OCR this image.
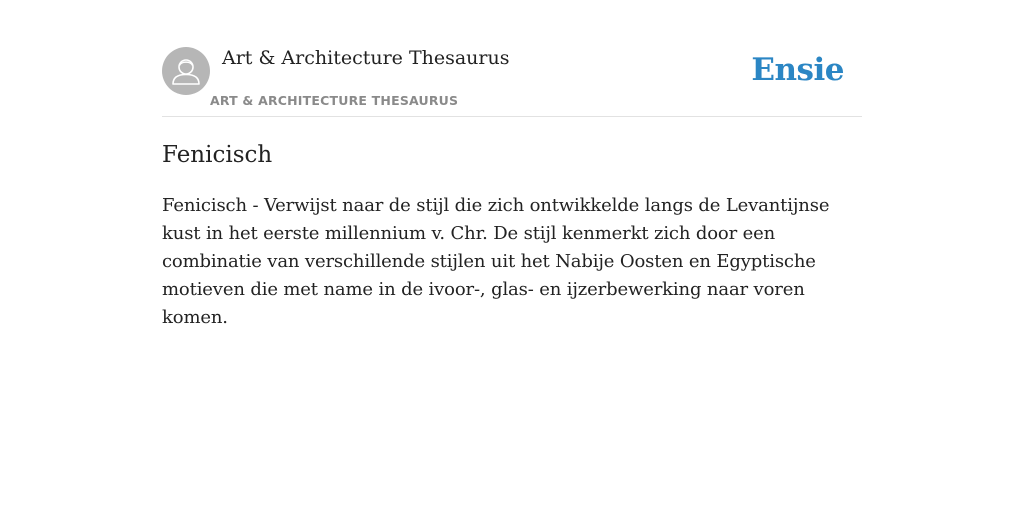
Art & Architecture Thesaurus
ART & ARCHITECTURE THESAURUS
Ensie
Fenicisch

Fenicisch - Verwijst naar de stijl die zich ontwikkelde langs de Levantijnse kust in het eerste millennium v. Chr. De stijl kenmerkt zich door een combinatie van verschillende stijlen uit het Nabije Oosten en Egyptische motieven die met name in de ivoor-, glas- en ijzerbewerking naar voren komen.
